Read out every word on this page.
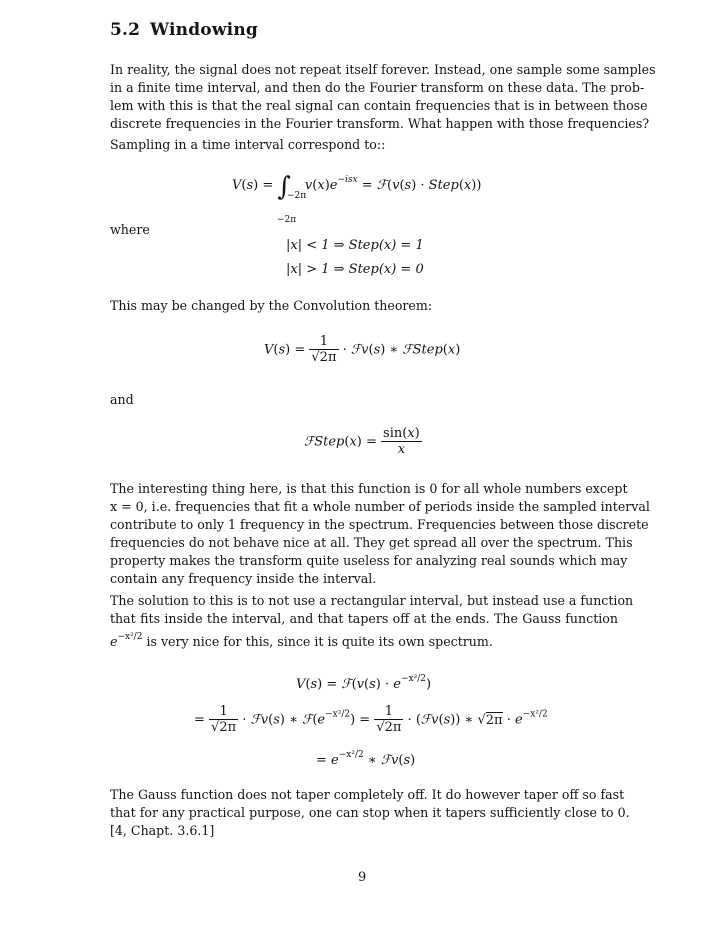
5.2 Windowing
In reality, the signal does not repeat itself forever. Instead, one sample some samples
in a finite time interval, and then do the Fourier transform on these data. The prob-
lem with this is that the real signal can contain frequencies that is in between those
discrete frequencies in the Fourier transform. What happen with those frequencies?
Sampling in a time interval correspond to::
V(s) = ∫
−2π
−2π
$v(x)e^{-isx}$ = ℱ(v(s) · Step(x))
where
|x| < 1 ⇒ Step(x) = 1
|x| > 1 ⇒ Step(x) = 0
This may be changed by the Convolution theorem:
$V(s) = \frac{1}{√2\pi}$ · ℱv(s) ∗ ℱStep(x)
and
ℱStep(x) = $\frac{\sin(x)}{x}$
The interesting thing here, is that this function is 0 for all whole numbers except
x = 0, i.e. frequencies that fit a whole number of periods inside the sampled interval
contribute to only 1 frequency in the spectrum. Frequencies between those discrete
frequencies do not behave nice at all. They get spread all over the spectrum. This
property makes the transform quite useless for analyzing real sounds which may
contain any frequency inside the interval.
The solution to this is to not use a rectangular interval, but instead use a function
that fits inside the interval, and that tapers off at the ends. The Gauss function
$e^{-x^2/2}$ is very nice for this, since it is quite its own spectrum.
V(s) = ℱ(v(s) · $e^{-x^2/2}$)
= $\frac{1}{√2\pi}$ · ℱv(s) ∗ $ℱ(e^{-x^2/2}) = \frac{1}{√2\pi}$ · (ℱv(s)) ∗ $√2\pi \cdot e^{-x^2/2}$
= $e^{-x^2/2}$ ∗ ℱv(s)
The Gauss function does not taper completely off. It do however taper off so fast
that for any practical purpose, one can stop when it tapers sufficiently close to 0.
[4, Chapt. 3.6.1]
9
